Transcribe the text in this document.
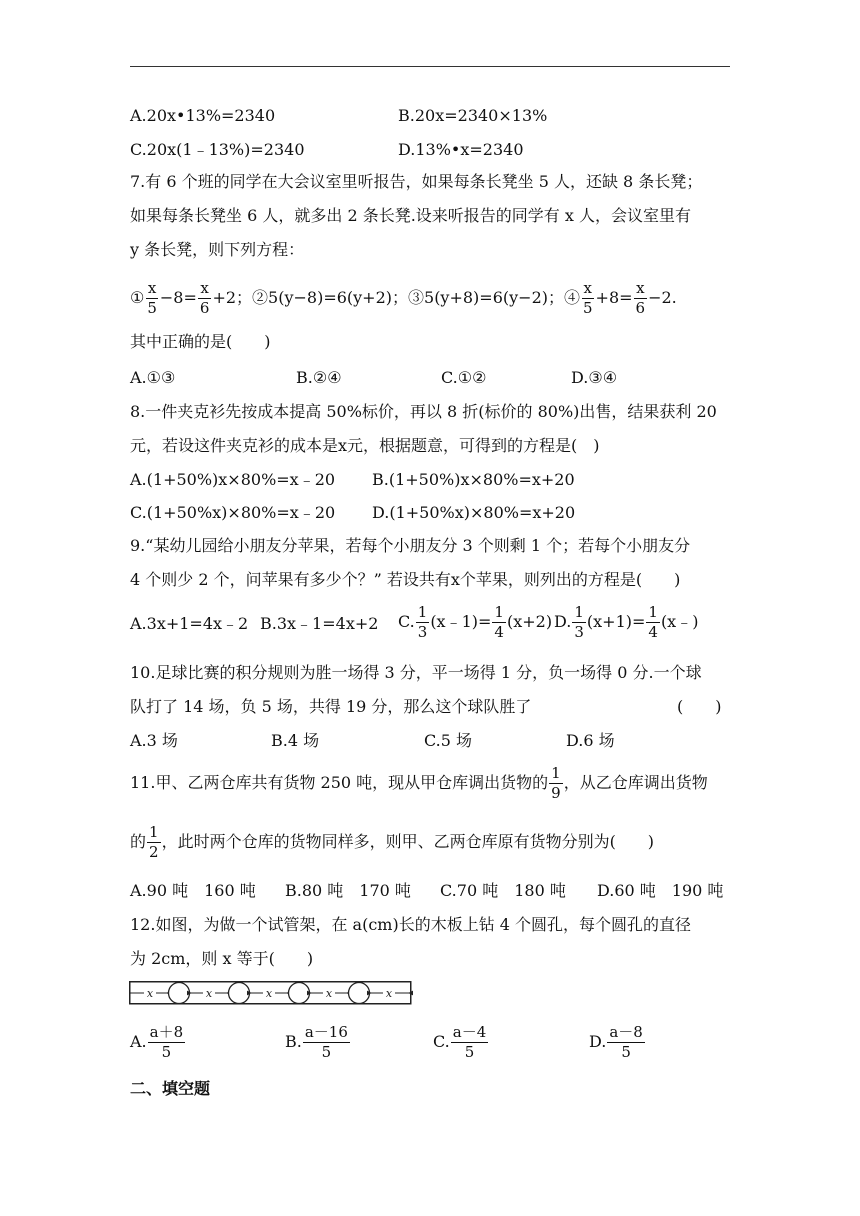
A.20x•13%=2340	B.20x=2340×13%
C.20x(1﹣13%)=2340	D.13%•x=2340
7.有 6 个班的同学在大会议室里听报告，如果每条长凳坐 5 人，还缺 8 条长凳；
如果每条长凳坐 6 人，就多出 2 条长凳.设来听报告的同学有 x 人，会议室里有
y 条长凳，则下列方程：
① $\frac{x}{5} -8= \frac{x}{6} +2$；②5(y−8)=6(y+2)；③5(y+8)=6(y−2)；④ $\frac{x}{5} +8= \frac{x}{6} -2$.
其中正确的是(　　)
A.①③	B.②④	C.①②	D.③④
8.一件夹克衫先按成本提高 50%标价，再以 8 折(标价的 80%)出售，结果获利 20
元，若设这件夹克衫的成本是x元，根据题意，可得到的方程是(　)
A.(1+50%)x×80%=x﹣20 B.(1+50%)x×80%=x+20
C.(1+50%x)×80%=x﹣20 D.(1+50%x)×80%=x+20
9.“某幼儿园给小朋友分苹果，若每个小朋友分 3 个则剩 1 个；若每个小朋友分
4 个则少 2 个，问苹果有多少个？” 若设共有x个苹果，则列出的方程是(　　)
A.3x+1=4x﹣2 B.3x﹣1=4x+2 C. $\frac{1}{3}$ (x﹣1)= $\frac{1}{4} (x+2)$ D. $\frac{1}{3} (x+1)= \frac{1}{4}$ (x﹣)
10.足球比赛的积分规则为胜一场得 3 分，平一场得 1 分，负一场得 0 分.一个球
队打了 14 场，负 5 场，共得 19 分，那么这个球队胜了	(　　)
A.3 场	B.4 场	C.5 场	D.6 场
11.甲、乙两仓库共有货物 250 吨，现从甲仓库调出货物的 $\frac{1}{9}$ ，从乙仓库调出货物
的 $\frac{1}{2}$ ，此时两个仓库的货物同样多，则甲、乙两仓库原有货物分别为(　　)
A.90 吨　160 吨 B.80 吨　170 吨 C.70 吨　180 吨 D.60 吨　190 吨
12.如图，为做一个试管架，在 a(cm)长的木板上钻 4 个圆孔，每个圆孔的直径
为 2cm，则 x 等于(　　)
x	x	x	x	x
A. $\frac{a+8}{5}$	B. $\frac{a-16}{5}$	C. $\frac{a-4}{5}$	D. $\frac{a-8}{5}$
二、填空题
